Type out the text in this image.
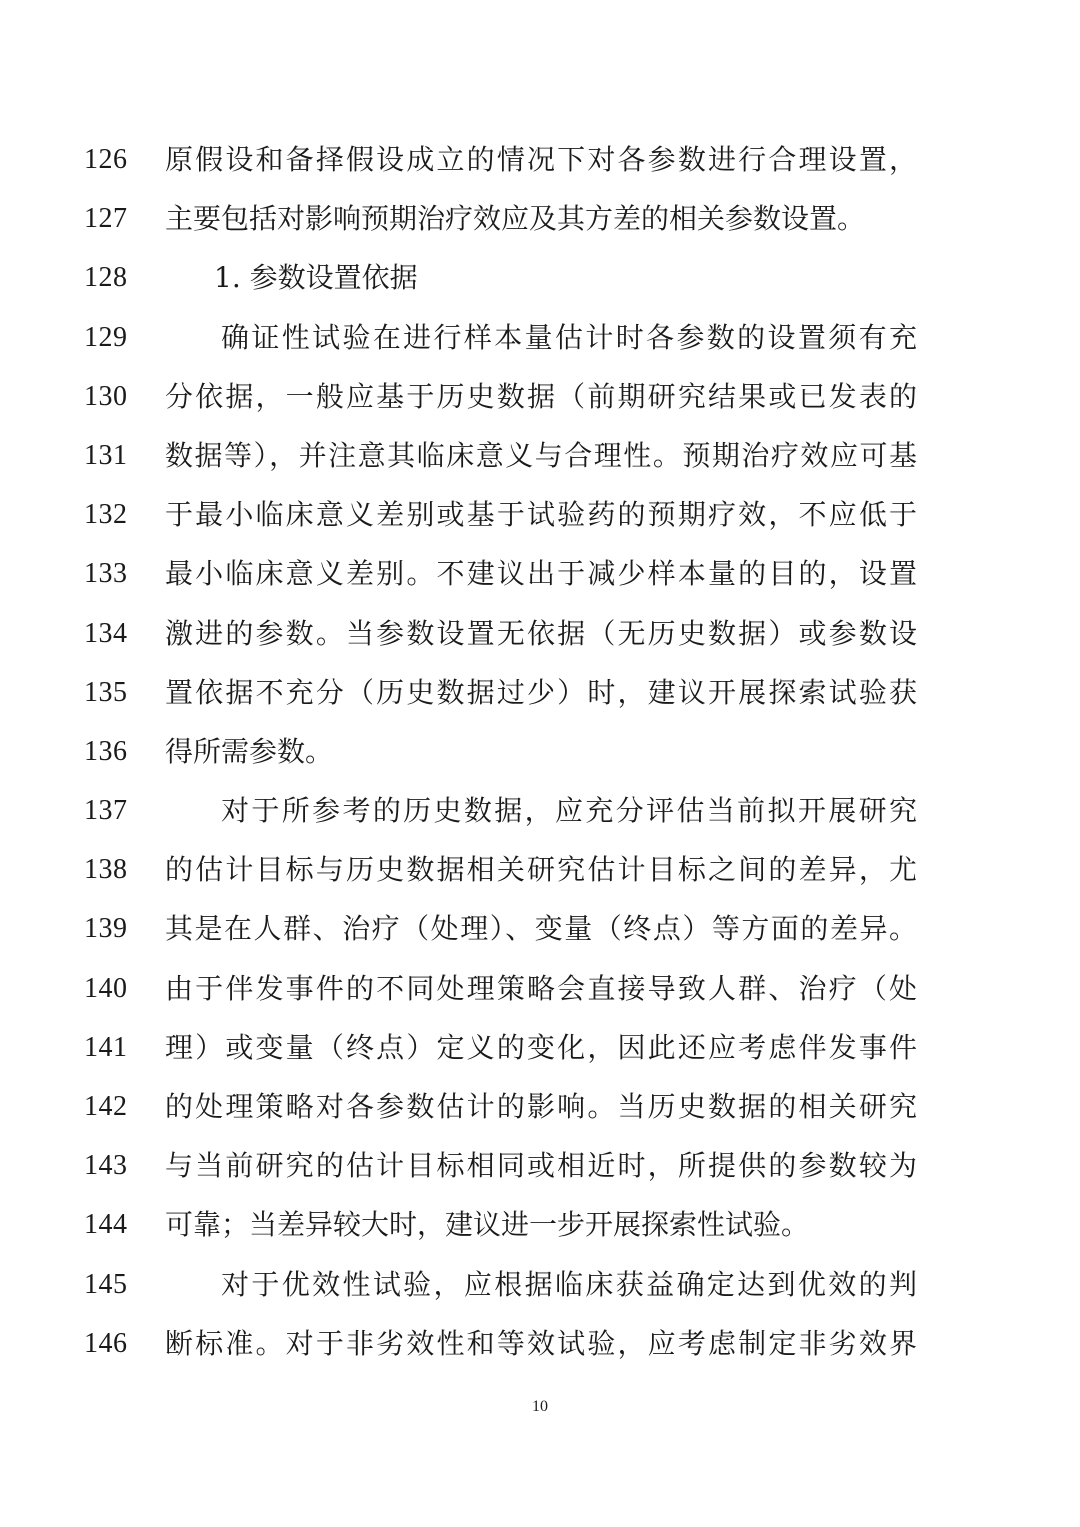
126	原假设和备择假设成立的情况下对各参数进行合理设置，
127	主要包括对影响预期治疗效应及其方差的相关参数设置。
128	1. 参数设置依据
129	确证性试验在进行样本量估计时各参数的设置须有充
130	分依据，一般应基于历史数据（前期研究结果或已发表的
131	数据等），并注意其临床意义与合理性。预期治疗效应可基
132	于最小临床意义差别或基于试验药的预期疗效，不应低于
133	最小临床意义差别。不建议出于减少样本量的目的，设置
134	激进的参数。当参数设置无依据（无历史数据）或参数设
135	置依据不充分（历史数据过少）时，建议开展探索试验获
136	得所需参数。
137	对于所参考的历史数据，应充分评估当前拟开展研究
138	的估计目标与历史数据相关研究估计目标之间的差异，尤
139	其是在人群、治疗（处理）、变量（终点）等方面的差异。
140	由于伴发事件的不同处理策略会直接导致人群、治疗（处
141	理）或变量（终点）定义的变化，因此还应考虑伴发事件
142	的处理策略对各参数估计的影响。当历史数据的相关研究
143	与当前研究的估计目标相同或相近时，所提供的参数较为
144	可靠；当差异较大时，建议进一步开展探索性试验。
145	对于优效性试验，应根据临床获益确定达到优效的判
146	断标准。对于非劣效性和等效试验，应考虑制定非劣效界
10
